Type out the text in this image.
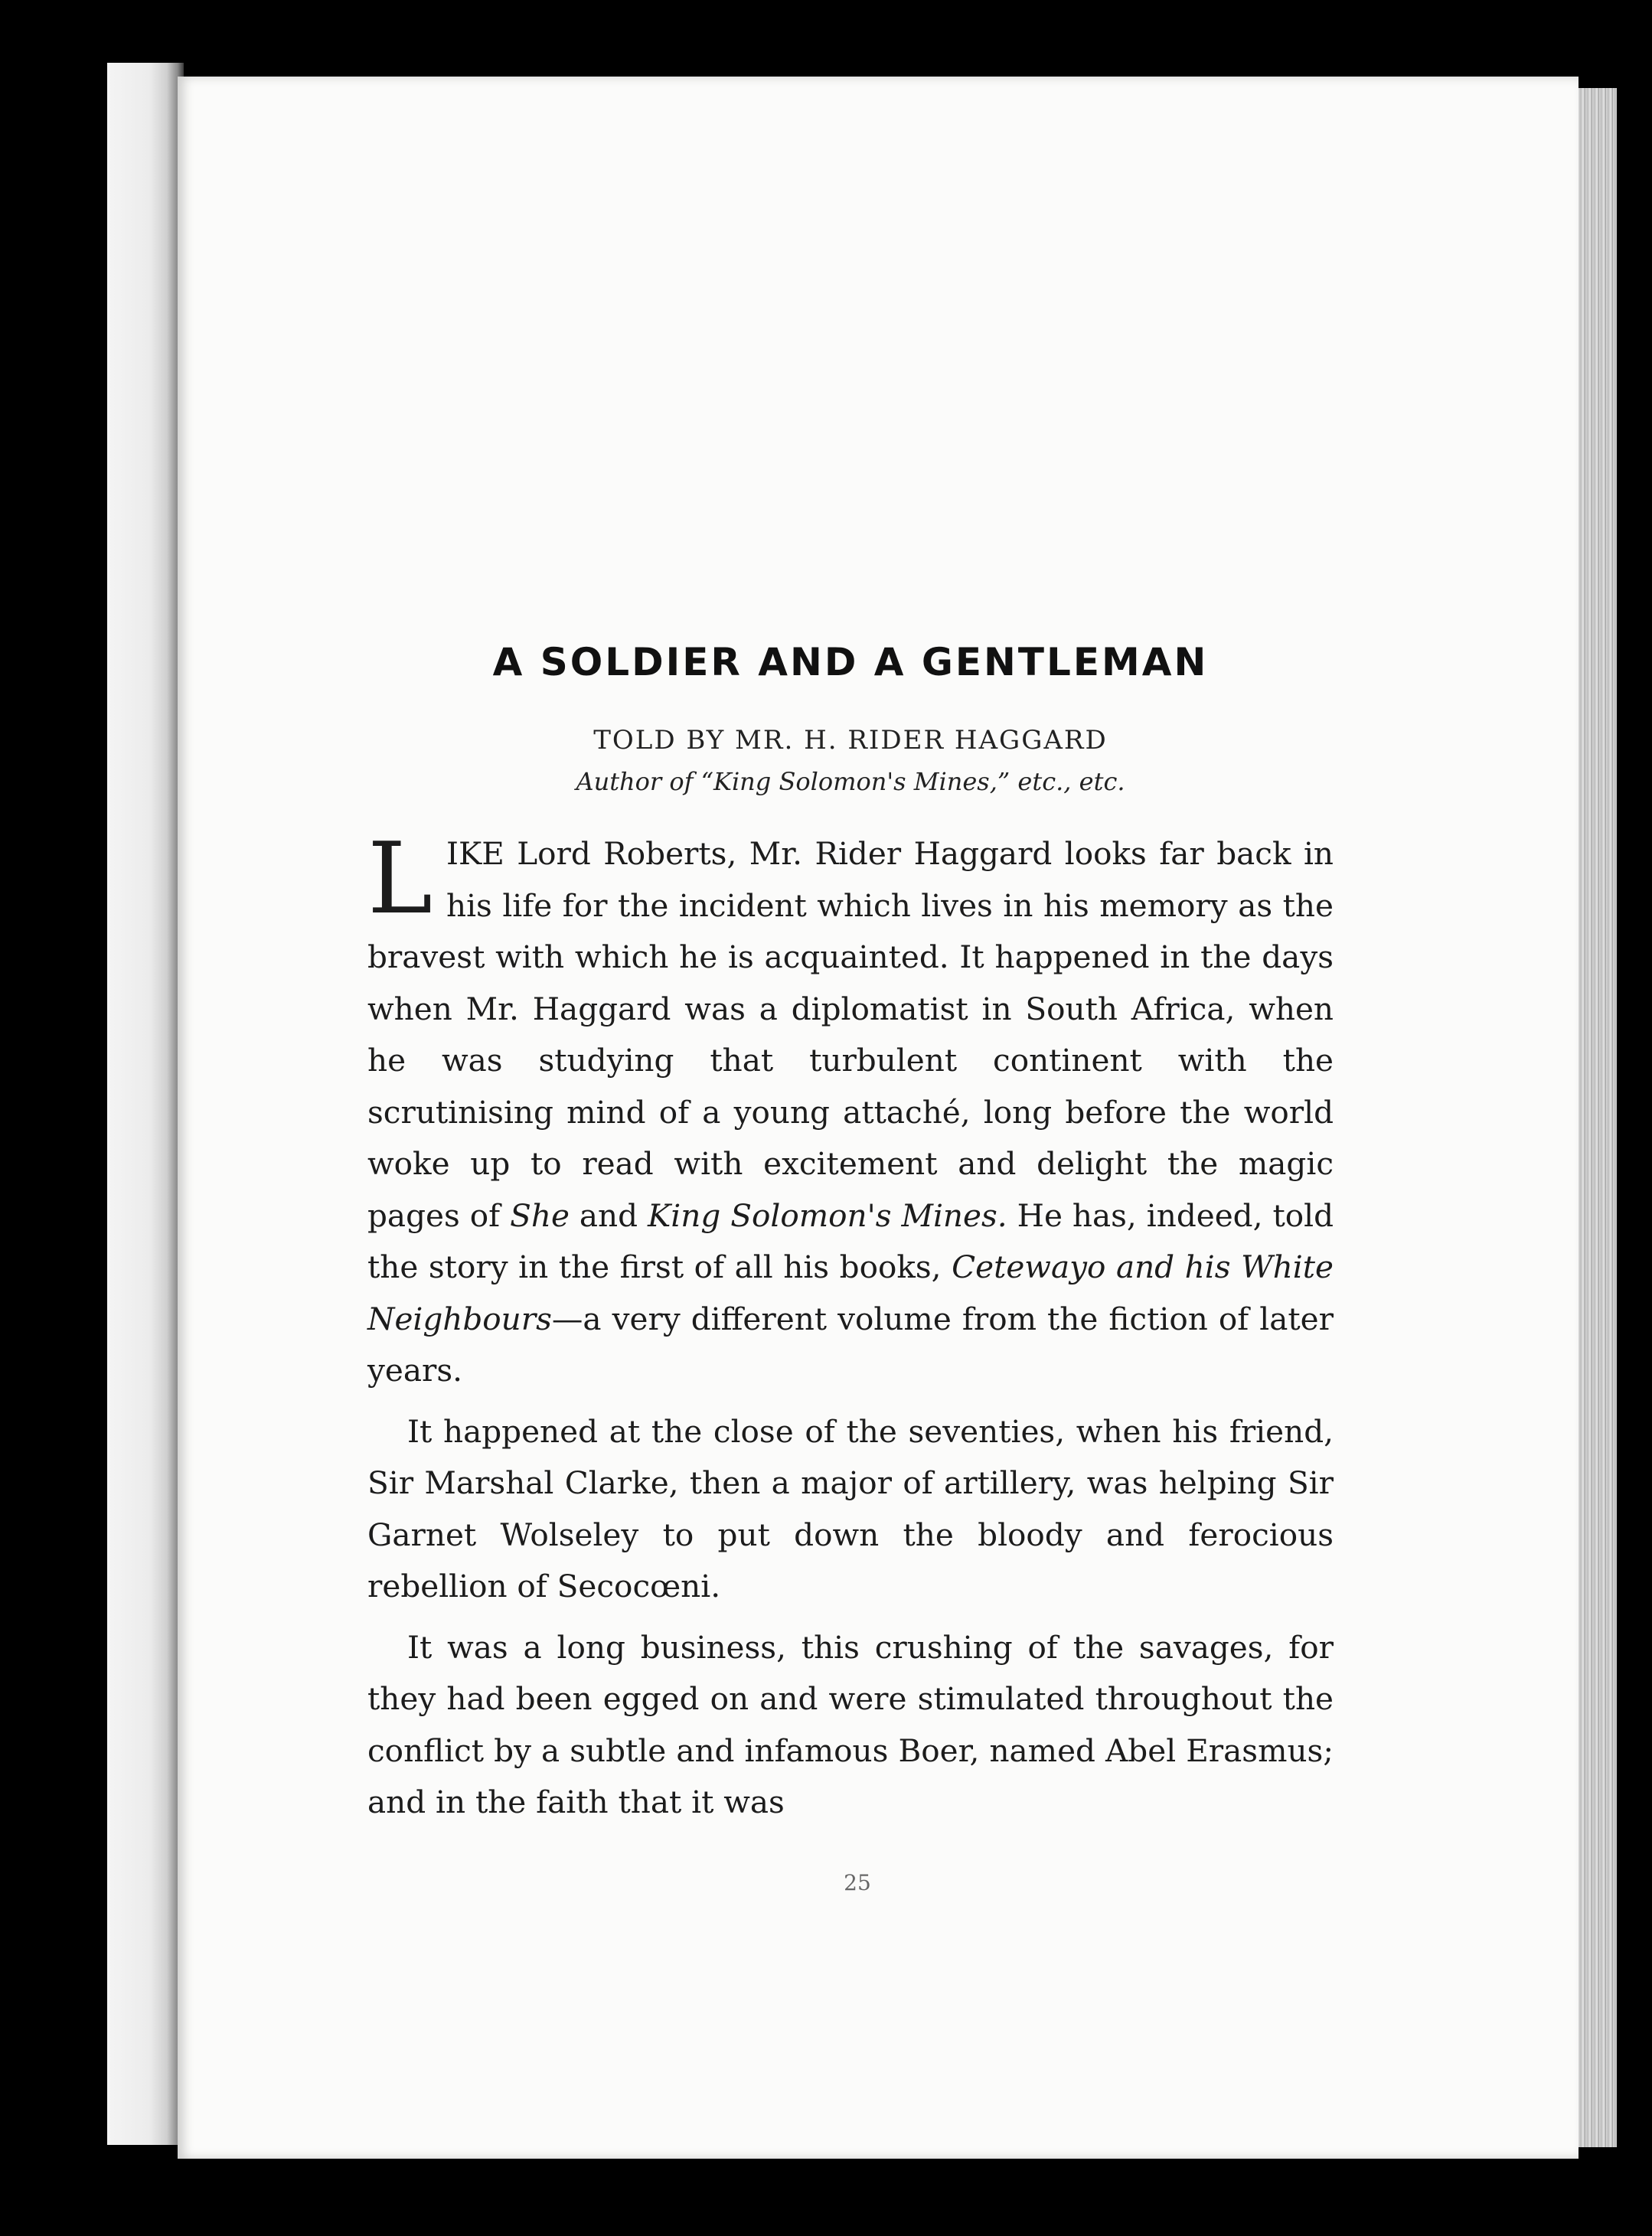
A SOLDIER AND A GENTLEMAN
TOLD BY MR. H. RIDER HAGGARD
Author of “King Solomon's Mines,” etc., etc.

LIKE Lord Roberts, Mr. Rider Haggard looks far back in his life for the incident which lives in his memory as the bravest with which he is acquainted. It happened in the days when Mr. Haggard was a diplomatist in South Africa, when he was studying that turbulent continent with the scrutinising mind of a young attaché, long before the world woke up to read with excitement and delight the magic pages of She and King Solomon's Mines. He has, indeed, told the story in the first of all his books, Cetewayo and his White Neighbours—a very different volume from the fiction of later years.

It happened at the close of the seventies, when his friend, Sir Marshal Clarke, then a major of artillery, was helping Sir Garnet Wolseley to put down the bloody and ferocious rebellion of Secocœni.

It was a long business, this crushing of the savages, for they had been egged on and were stimulated throughout the conflict by a subtle and infamous Boer, named Abel Erasmus; and in the faith that it was

25
